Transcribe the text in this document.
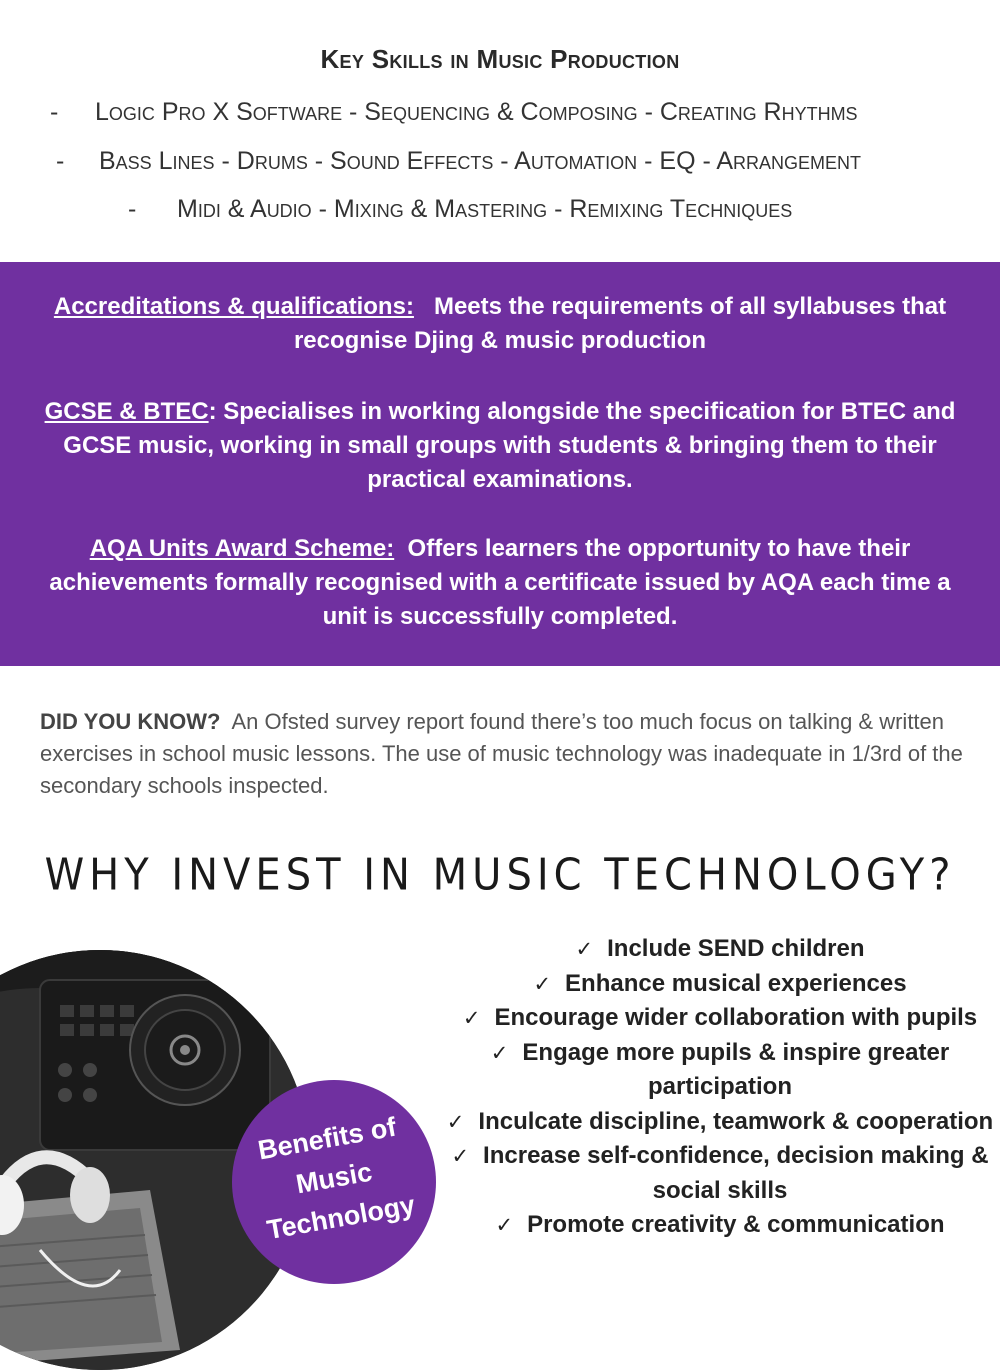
Key Skills in Music Production
- Logic Pro X Software - Sequencing & Composing - Creating Rhythms
- Bass Lines - Drums - Sound Effects - Automation - EQ - Arrangement
- Midi & Audio - Mixing & Mastering - Remixing Techniques

Accreditations & qualifications: Meets the requirements of all syllabuses that recognise Djing & music production

GCSE & BTEC: Specialises in working alongside the specification for BTEC and GCSE music, working in small groups with students & bringing them to their practical examinations.

AQA Units Award Scheme: Offers learners the opportunity to have their achievements formally recognised with a certificate issued by AQA each time a unit is successfully completed.

DID YOU KNOW? An Ofsted survey report found there’s too much focus on talking & written exercises in school music lessons. The use of music technology was inadequate in 1/3rd of the secondary schools inspected.

WHY INVEST IN MUSIC TECHNOLOGY?
Benefits of
Music
Technology
✓ Include SEND children
✓ Enhance musical experiences
✓ Encourage wider collaboration with pupils
✓ Engage more pupils & inspire greater participation
✓ Inculcate discipline, teamwork & cooperation
✓ Increase self-confidence, decision making & social skills
✓ Promote creativity & communication
